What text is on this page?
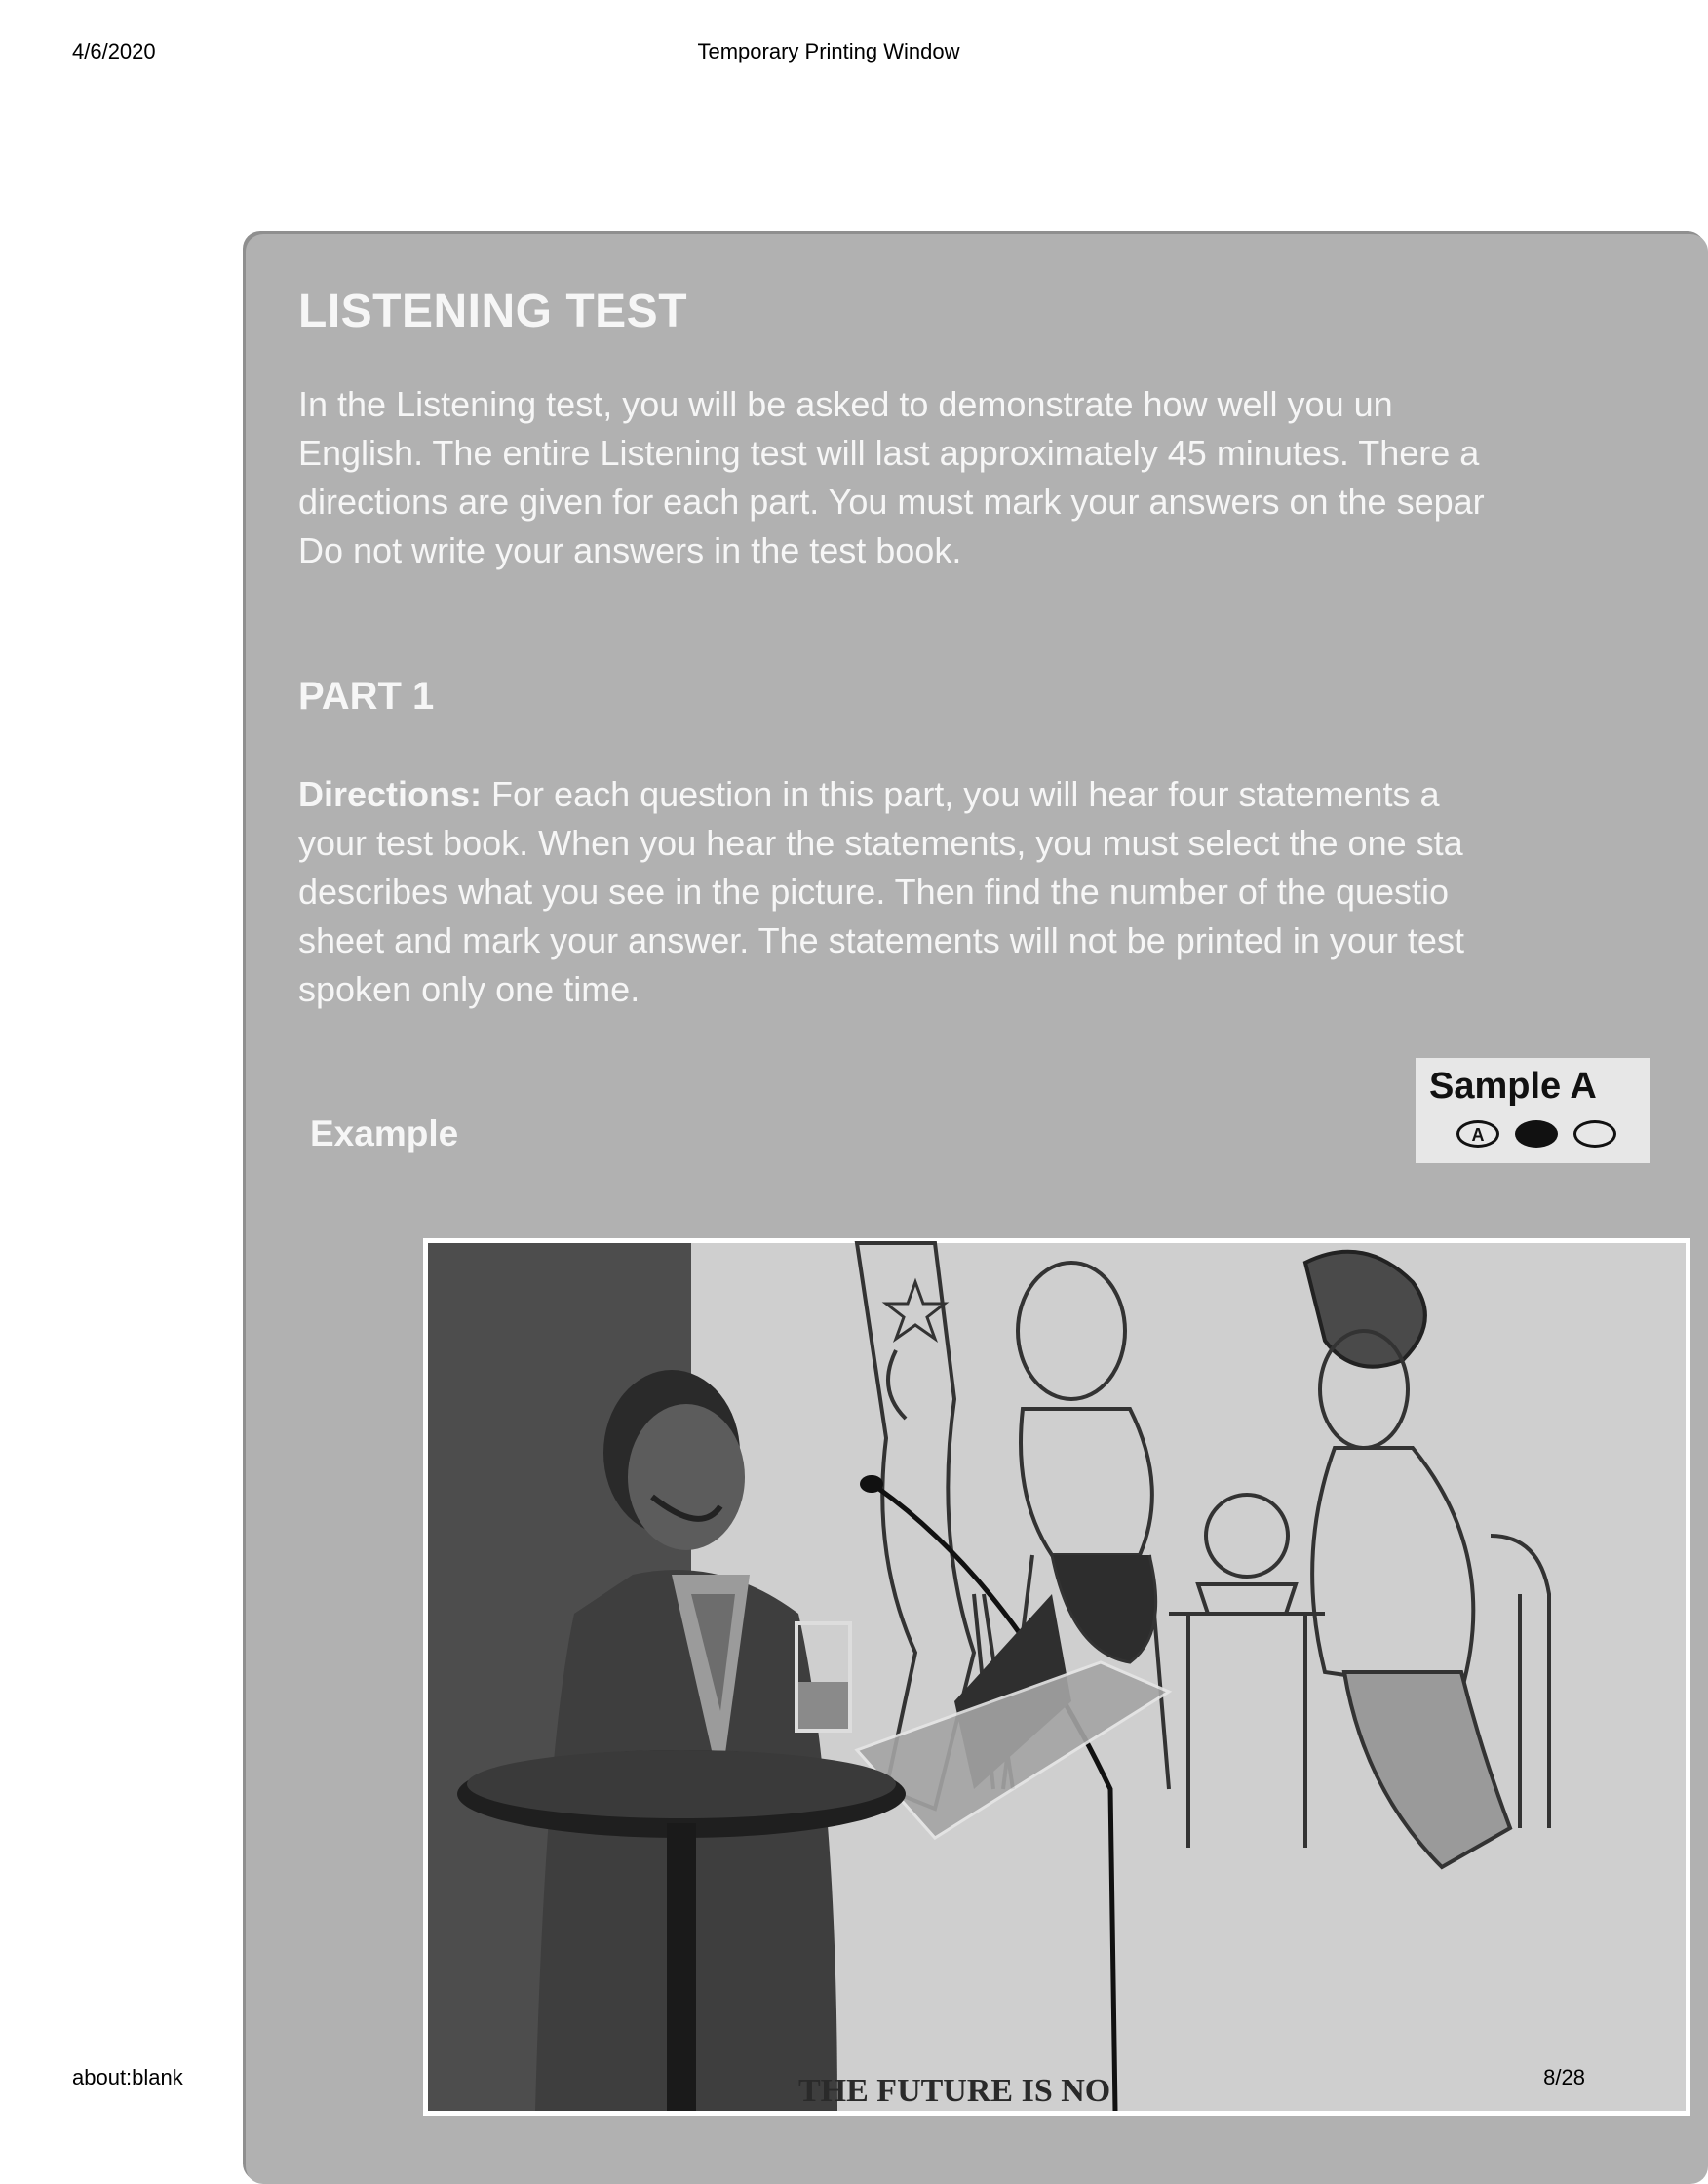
4/6/2020	Temporary Printing Window
LISTENING TEST
In the Listening test, you will be asked to demonstrate how well you un
English. The entire Listening test will last approximately 45 minutes. There a
directions are given for each part. You must mark your answers on the separ
Do not write your answers in the test book.
PART 1
Directions: For each question in this part, you will hear four statements a
your test book. When you hear the statements, you must select the one sta
describes what you see in the picture. Then find the number of the questio
sheet and mark your answer. The statements will not be printed in your test
spoken only one time.
Example
Sample A
A
THE FUTURE IS NO
about:blank	8/28
